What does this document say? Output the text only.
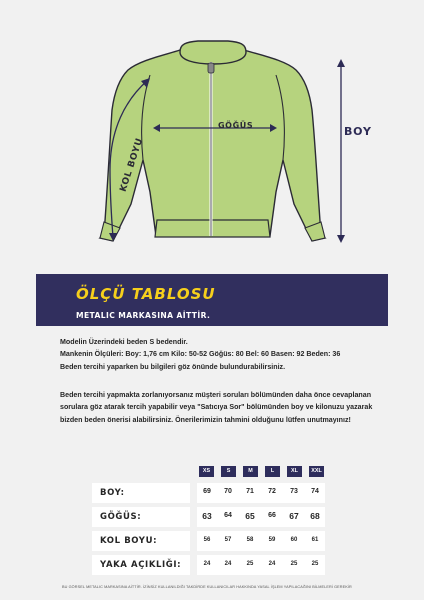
BOY
GÖĞÜS
KOL BOYU
ÖLÇÜ TABLOSU
METALIC MARKASINA AİTTİR.

Modelin Üzerindeki beden S bedendir.

Mankenin Ölçüleri: Boy: 1,76 cm Kilo: 50-52 Göğüs: 80 Bel: 60 Basen: 92 Beden: 36

Beden tercihi yaparken bu bilgileri göz önünde bulundurabilirsiniz.

Beden tercihi yapmakta zorlanıyorsanız müşteri soruları bölümünden daha önce cevaplanan sorulara göz atarak tercih yapabilir veya "Satıcıya Sor" bölümünden boy ve kilonuzu yazarak bizden beden önerisi alabilirsiniz. Önerilerimizin tahmini olduğunu lütfen unutmayınız!

XS	S	M	L	XL	XXL
BOY:	69	70	71	72	73	74
GÖĞÜS:	63	64	65	66	67	68
KOL BOYU:	56	57	58	59	60	61
YAKA AÇIKLIĞI:	24	24	25	24	25	25
BU GÖRSEL METALIC MARKASINA AİTTİR. İZİNSİZ KULLANILDIĞI TAKDİRDE KULLANICILAR HAKKINDA YASAL İŞLEM YAPILACAĞINI BİLMELERİ GEREKİR
